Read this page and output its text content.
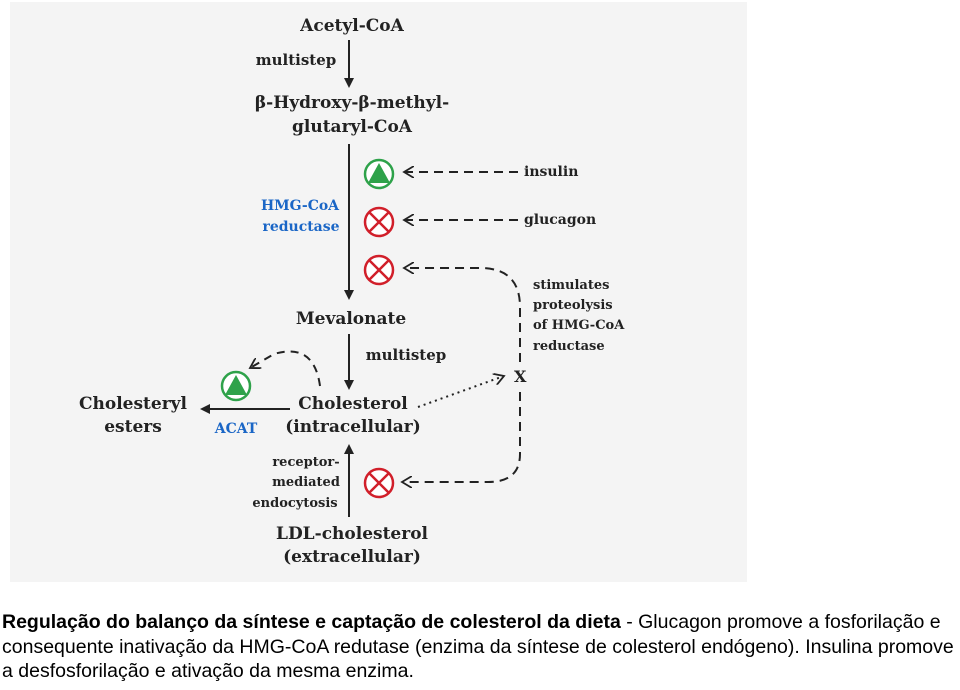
Acetyl-CoA
β-Hydroxy-β-methyl-
glutaryl-CoA
Mevalonate
Cholesterol
(intracellular)
Cholesteryl
esters
LDL-cholesterol
(extracellular)
multistep
multistep
receptor-
mediated
endocytosis
HMG-CoA
reductase
ACAT
insulin
glucagon
X
stimulates
proteolysis
of HMG-CoA
reductase
Regulação do balanço da síntese e captação de colesterol da dieta - Glucagon promove a fosforilação e consequente inativação da HMG-CoA redutase (enzima da síntese de colesterol endógeno). Insulina promove a desfosforilação e ativação da mesma enzima.
